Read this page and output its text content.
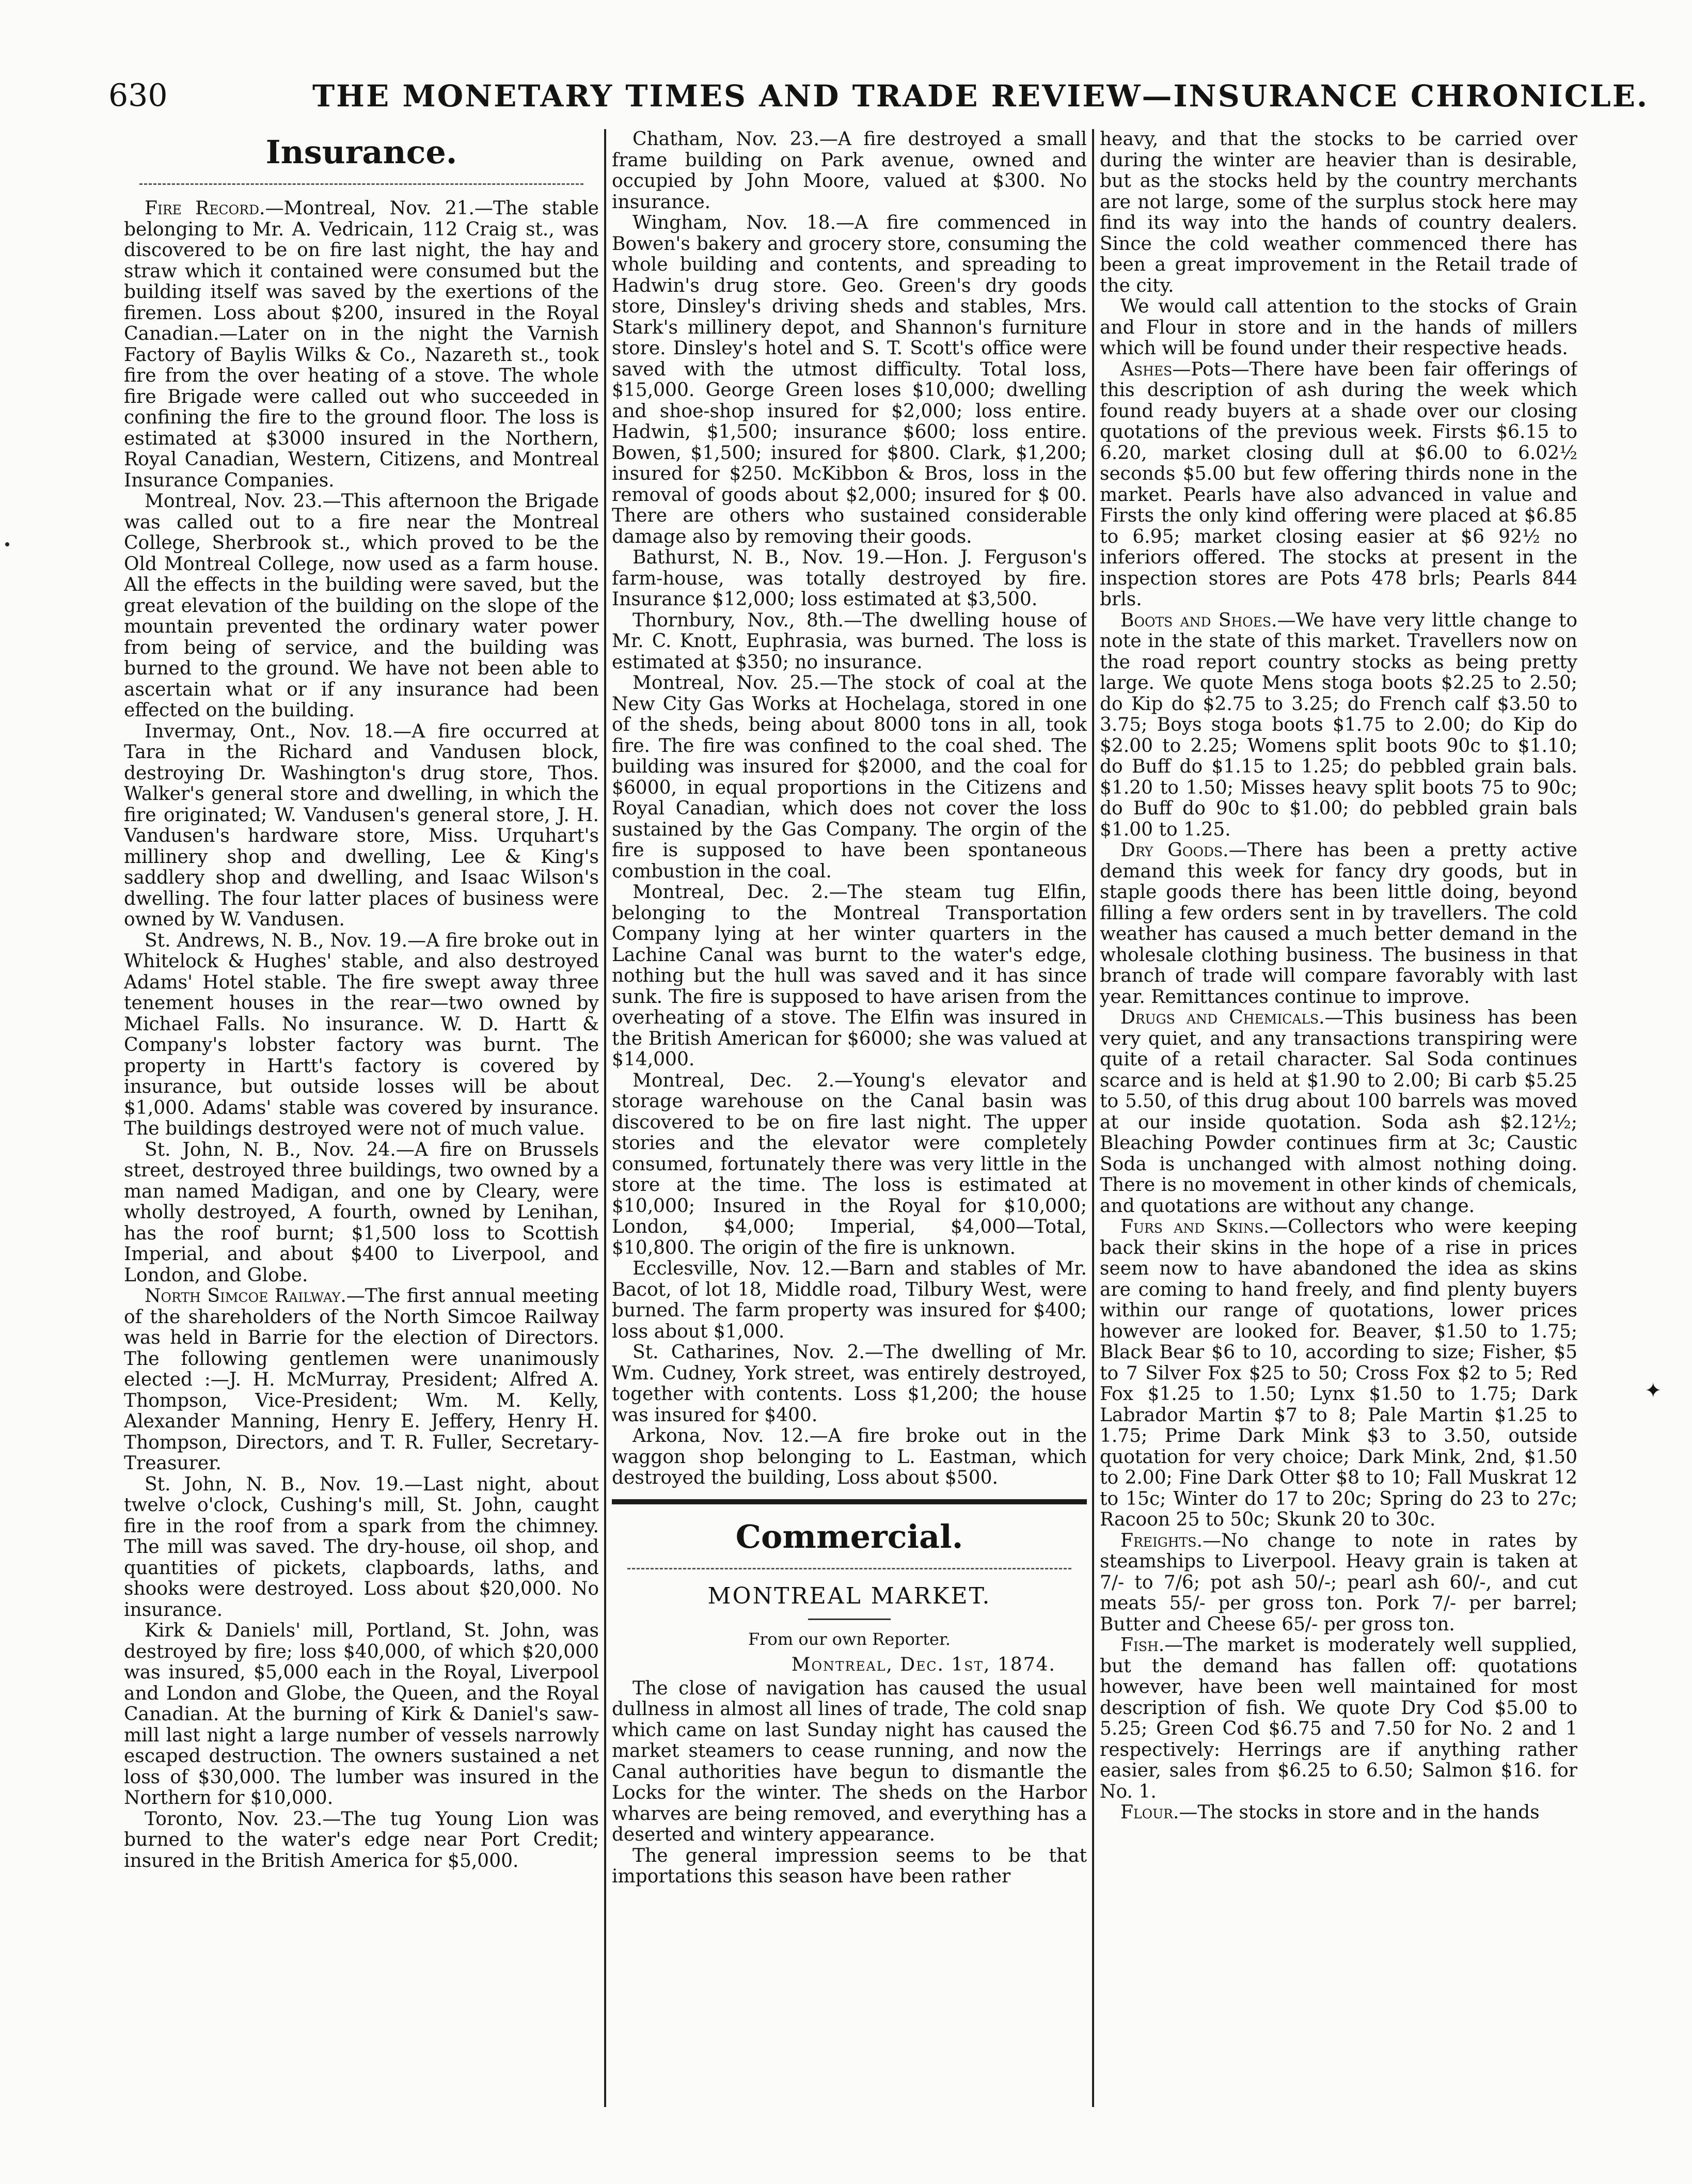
630	THE MONETARY TIMES AND TRADE REVIEW—INSURANCE CHRONICLE.
Insurance.

Fire Record.—Montreal, Nov. 21.—The stable belonging to Mr. A. Vedricain, 112 Craig st., was discovered to be on fire last night, the hay and straw which it contained were consumed but the building itself was saved by the exertions of the firemen. Loss about $200, insured in the Royal Canadian.—Later on in the night the Varnish Factory of Baylis Wilks & Co., Nazareth st., took fire from the over heating of a stove. The whole fire Brigade were called out who succeeded in confining the fire to the ground floor. The loss is estimated at $3000 insured in the Northern, Royal Canadian, Western, Citizens, and Montreal Insurance Companies.

Montreal, Nov. 23.—This afternoon the Brigade was called out to a fire near the Montreal College, Sherbrook st., which proved to be the Old Montreal College, now used as a farm house. All the effects in the building were saved, but the great elevation of the building on the slope of the mountain prevented the ordinary water power from being of service, and the building was burned to the ground. We have not been able to ascertain what or if any insurance had been effected on the building.

Invermay, Ont., Nov. 18.—A fire occurred at Tara in the Richard and Vandusen block, destroying Dr. Washington's drug store, Thos. Walker's general store and dwelling, in which the fire originated; W. Vandusen's general store, J. H. Vandusen's hardware store, Miss. Urquhart's millinery shop and dwelling, Lee & King's saddlery shop and dwelling, and Isaac Wilson's dwelling. The four latter places of business were owned by W. Vandusen.

St. Andrews, N. B., Nov. 19.—A fire broke out in Whitelock & Hughes' stable, and also destroyed Adams' Hotel stable. The fire swept away three tenement houses in the rear—two owned by Michael Falls. No insurance. W. D. Hartt & Company's lobster factory was burnt. The property in Hartt's factory is covered by insurance, but outside losses will be about $1,000. Adams' stable was covered by insurance. The buildings destroyed were not of much value.

St. John, N. B., Nov. 24.—A fire on Brussels street, destroyed three buildings, two owned by a man named Madigan, and one by Cleary, were wholly destroyed, A fourth, owned by Lenihan, has the roof burnt; $1,500 loss to Scottish Imperial, and about $400 to Liverpool, and London, and Globe.

North Simcoe Railway.—The first annual meeting of the shareholders of the North Simcoe Railway was held in Barrie for the election of Directors. The following gentlemen were unanimously elected :—J. H. McMurray, President; Alfred A. Thompson, Vice-President; Wm. M. Kelly, Alexander Manning, Henry E. Jeffery, Henry H. Thompson, Directors, and T. R. Fuller, Secretary-Treasurer.

St. John, N. B., Nov. 19.—Last night, about twelve o'clock, Cushing's mill, St. John, caught fire in the roof from a spark from the chimney. The mill was saved. The dry-house, oil shop, and quantities of pickets, clapboards, laths, and shooks were destroyed. Loss about $20,000. No insurance.

Kirk & Daniels' mill, Portland, St. John, was destroyed by fire; loss $40,000, of which $20,000 was insured, $5,000 each in the Royal, Liverpool and London and Globe, the Queen, and the Royal Canadian. At the burning of Kirk & Daniel's saw-mill last night a large number of vessels narrowly escaped destruction. The owners sustained a net loss of $30,000. The lumber was insured in the Northern for $10,000.

Toronto, Nov. 23.—The tug Young Lion was burned to the water's edge near Port Credit; insured in the British America for $5,000.

Chatham, Nov. 23.—A fire destroyed a small frame building on Park avenue, owned and occupied by John Moore, valued at $300. No insurance.

Wingham, Nov. 18.—A fire commenced in Bowen's bakery and grocery store, consuming the whole building and contents, and spreading to Hadwin's drug store. Geo. Green's dry goods store, Dinsley's driving sheds and stables, Mrs. Stark's millinery depot, and Shannon's furniture store. Dinsley's hotel and S. T. Scott's office were saved with the utmost difficulty. Total loss, $15,000. George Green loses $10,000; dwelling and shoe-shop insured for $2,000; loss entire. Hadwin, $1,500; insurance $600; loss entire. Bowen, $1,500; insured for $800. Clark, $1,200; insured for $250. McKibbon & Bros, loss in the removal of goods about $2,000; insured for $ 00. There are others who sustained considerable damage also by removing their goods.

Bathurst, N. B., Nov. 19.—Hon. J. Ferguson's farm-house, was totally destroyed by fire. Insurance $12,000; loss estimated at $3,500.

Thornbury, Nov., 8th.—The dwelling house of Mr. C. Knott, Euphrasia, was burned. The loss is estimated at $350; no insurance.

Montreal, Nov. 25.—The stock of coal at the New City Gas Works at Hochelaga, stored in one of the sheds, being about 8000 tons in all, took fire. The fire was confined to the coal shed. The building was insured for $2000, and the coal for $6000, in equal proportions in the Citizens and Royal Canadian, which does not cover the loss sustained by the Gas Company. The orgin of the fire is supposed to have been spontaneous combustion in the coal.

Montreal, Dec. 2.—The steam tug Elfin, belonging to the Montreal Transportation Company lying at her winter quarters in the Lachine Canal was burnt to the water's edge, nothing but the hull was saved and it has since sunk. The fire is supposed to have arisen from the overheating of a stove. The Elfin was insured in the British American for $6000; she was valued at $14,000.

Montreal, Dec. 2.—Young's elevator and storage warehouse on the Canal basin was discovered to be on fire last night. The upper stories and the elevator were completely consumed, fortunately there was very little in the store at the time. The loss is estimated at $10,000; Insured in the Royal for $10,000; London, $4,000; Imperial, $4,000—Total, $10,800. The origin of the fire is unknown.

Ecclesville, Nov. 12.—Barn and stables of Mr. Bacot, of lot 18, Middle road, Tilbury West, were burned. The farm property was insured for $400; loss about $1,000.

St. Catharines, Nov. 2.—The dwelling of Mr. Wm. Cudney, York street, was entirely destroyed, together with contents. Loss $1,200; the house was insured for $400.

Arkona, Nov. 12.—A fire broke out in the waggon shop belonging to L. Eastman, which destroyed the building, Loss about $500.

Commercial.
MONTREAL MARKET.
From our own Reporter.
Montreal, Dec. 1st, 1874.

The close of navigation has caused the usual dullness in almost all lines of trade, The cold snap which came on last Sunday night has caused the market steamers to cease running, and now the Canal authorities have begun to dismantle the Locks for the winter. The sheds on the Harbor wharves are being removed, and everything has a deserted and wintery appearance.

The general impression seems to be that importations this season have been rather

heavy, and that the stocks to be carried over during the winter are heavier than is desirable, but as the stocks held by the country merchants are not large, some of the surplus stock here may find its way into the hands of country dealers. Since the cold weather commenced there has been a great improvement in the Retail trade of the city.

We would call attention to the stocks of Grain and Flour in store and in the hands of millers which will be found under their respective heads.

Ashes—Pots—There have been fair offerings of this description of ash during the week which found ready buyers at a shade over our closing quotations of the previous week. Firsts $6.15 to 6.20, market closing dull at $6.00 to 6.02½ seconds $5.00 but few offering thirds none in the market. Pearls have also advanced in value and Firsts the only kind offering were placed at $6.85 to 6.95; market closing easier at $6 92½ no inferiors offered. The stocks at present in the inspection stores are Pots 478 brls; Pearls 844 brls.

Boots and Shoes.—We have very little change to note in the state of this market. Travellers now on the road report country stocks as being pretty large. We quote Mens stoga boots $2.25 to 2.50; do Kip do $2.75 to 3.25; do French calf $3.50 to 3.75; Boys stoga boots $1.75 to 2.00; do Kip do $2.00 to 2.25; Womens split boots 90c to $1.10; do Buff do $1.15 to 1.25; do pebbled grain bals. $1.20 to 1.50; Misses heavy split boots 75 to 90c; do Buff do 90c to $1.00; do pebbled grain bals $1.00 to 1.25.

Dry Goods.—There has been a pretty active demand this week for fancy dry goods, but in staple goods there has been little doing, beyond filling a few orders sent in by travellers. The cold weather has caused a much better demand in the wholesale clothing business. The business in that branch of trade will compare favorably with last year. Remittances continue to improve.

Drugs and Chemicals.—This business has been very quiet, and any transactions transpiring were quite of a retail character. Sal Soda continues scarce and is held at $1.90 to 2.00; Bi carb $5.25 to 5.50, of this drug about 100 barrels was moved at our inside quotation. Soda ash $2.12½; Bleaching Powder continues firm at 3c; Caustic Soda is unchanged with almost nothing doing. There is no movement in other kinds of chemicals, and quotations are without any change.

Furs and Skins.—Collectors who were keeping back their skins in the hope of a rise in prices seem now to have abandoned the idea as skins are coming to hand freely, and find plenty buyers within our range of quotations, lower prices however are looked for. Beaver, $1.50 to 1.75; Black Bear $6 to 10, according to size; Fisher, $5 to 7 Silver Fox $25 to 50; Cross Fox $2 to 5; Red Fox $1.25 to 1.50; Lynx $1.50 to 1.75; Dark Labrador Martin $7 to 8; Pale Martin $1.25 to 1.75; Prime Dark Mink $3 to 3.50, outside quotation for very choice; Dark Mink, 2nd, $1.50 to 2.00; Fine Dark Otter $8 to 10; Fall Muskrat 12 to 15c; Winter do 17 to 20c; Spring do 23 to 27c; Racoon 25 to 50c; Skunk 20 to 30c.

Freights.—No change to note in rates by steamships to Liverpool. Heavy grain is taken at 7/- to 7/6; pot ash 50/-; pearl ash 60/-, and cut meats 55/- per gross ton. Pork 7/- per barrel; Butter and Cheese 65/- per gross ton.

Fish.—The market is moderately well supplied, but the demand has fallen off: quotations however, have been well maintained for most description of fish. We quote Dry Cod $5.00 to 5.25; Green Cod $6.75 and 7.50 for No. 2 and 1 respectively: Herrings are if anything rather easier, sales from $6.25 to 6.50; Salmon $16. for No. 1.

Flour.—The stocks in store and in the hands

✦
